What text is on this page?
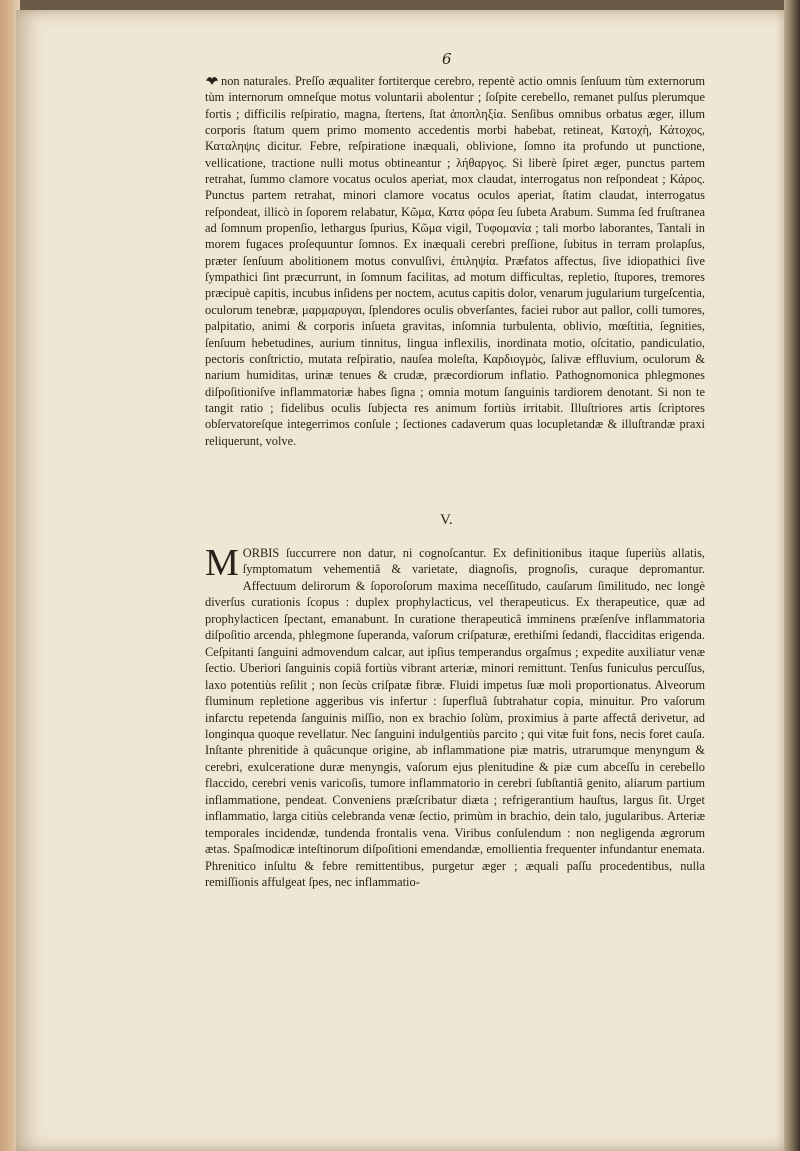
6
non naturales. Preſſo æqualiter fortiterque cerebro, repentè actio omnis ſenſuum tùm externorum tùm internorum omneſque motus voluntarii abolentur ; ſoſpite cerebello, remanet pulſus plerumque fortis ; difficilis reſpiratio, magna, ſtertens, ſtat ἀποπληξία. Senſibus omnibus orbatus æger, illum corporis ſtatum quem primo momento accedentis morbi habebat, retineat, Κατοχὴ, Κάτοχος, Καταληψις dicitur. Febre, reſpiratione inæquali, oblivione, ſomno ita profundo ut punctione, vellicatione, tractione nulli motus obtineantur ; λήθαργος. Si liberè ſpiret æger, punctus partem retrahat, ſummo clamore vocatus oculos aperiat, mox claudat, interrogatus non reſpondeat ; Κάρος. Punctus partem retrahat, minori clamore vocatus oculos aperiat, ſtatim claudat, interrogatus reſpondeat, illicò in ſoporem relabatur, Κῶμα, Κατα φόρα ſeu ſubeta Arabum. Summa ſed fruſtranea ad ſomnum propenſio, lethargus ſpurius, Κῶμα vigil, Τυφομανία ; tali morbo laborantes, Tantali in morem fugaces proſequuntur ſomnos. Ex inæquali cerebri preſſione, ſubitus in terram prolapſus, præter ſenſuum abolitionem motus convulſivi, ἐπιληψία. Præfatos affectus, ſive idiopathici ſive ſympathici ſint præcurrunt, in ſomnum facilitas, ad motum difficultas, repletio, ſtupores, tremores præcipuè capitis, incubus inſidens per noctem, acutus capitis dolor, venarum jugularium turgeſcentia, oculorum tenebræ, μαρμαρυγαι, ſplendores oculis obverſantes, faciei rubor aut pallor, colli tumores, palpitatio, animi & corporis inſueta gravitas, inſomnia turbulenta, oblivio, mœſtitia, ſegnities, ſenſuum hebetudines, aurium tinnitus, lingua inflexilis, inordinata motio, oſcitatio, pandiculatio, pectoris conſtrictio, mutata reſpiratio, nauſea moleſta, Καρδιογμὸς, ſalivæ effluvium, oculorum & narium humiditas, urinæ tenues & crudæ, præcordiorum inflatio. Pathognomonica phlegmones diſpoſitioniſve inflammatoriæ habes ſigna ; omnia motum ſanguinis tardiorem denotant. Si non te tangit ratio ; fidelibus oculis ſubjecta res animum fortiùs irritabit. Illuſtriores artis ſcriptores obſervatoreſque integerrimos conſule ; ſectiones cadaverum quas locupletandæ & illuſtrandæ praxi reliquerunt, volve.
V.
MORBIS ſuccurrere non datur, ni cognoſcantur. Ex definitionibus itaque ſuperiùs allatis, ſymptomatum vehementiâ & varietate, diagnoſis, prognoſis, curaque depromantur. Affectuum delirorum & ſoporoſorum maxima neceſſitudo, cauſarum ſimilitudo, nec longè diverſus curationis ſcopus : duplex prophylacticus, vel therapeuticus. Ex therapeutice, quæ ad prophylacticen ſpectant, emanabunt. In curatione therapeuticâ imminens præſenſve inflammatoria diſpoſitio arcenda, phlegmone ſuperanda, vaſorum criſpaturæ, erethiſmi ſedandi, flacciditas erigenda. Ceſpitanti ſanguini admovendum calcar, aut ipſius temperandus orgaſmus ; expedite auxiliatur venæ ſectio. Uberiori ſanguinis copiâ fortiùs vibrant arteriæ, minori remittunt. Tenſus funiculus percuſſus, laxo potentiùs reſilit ; non ſecùs criſpatæ fibræ. Fluidi impetus ſuæ moli proportionatus. Alveorum fluminum repletione aggeribus vis infertur : ſuperfluâ ſubtrahatur copia, minuitur. Pro vaſorum infarctu repetenda ſanguinis miſſio, non ex brachio ſolùm, proximius à parte affectâ derivetur, ad longinqua quoque revellatur. Nec ſanguini indulgentiùs parcito ; qui vitæ fuit fons, necis foret cauſa. Inſtante phrenitide à quâcunque origine, ab inflammatione piæ matris, utrarumque menyngum & cerebri, exulceratione duræ menyngis, vaſorum ejus plenitudine & piæ cum abceſſu in cerebello flaccido, cerebri venis varicoſis, tumore inflammatorio in cerebri ſubſtantiâ genito, aliarum partium inflammatione, pendeat. Conveniens præſcribatur diæta ; refrigerantium hauſtus, largus ſit. Urget inflammatio, larga citiùs celebranda venæ ſectio, primùm in brachio, dein talo, jugularibus. Arteriæ temporales incidendæ, tundenda frontalis vena. Viribus conſulendum : non negligenda ægrorum ætas. Spaſmodicæ inteſtinorum diſpoſitioni emendandæ, emollientia frequenter infundantur enemata. Phrenitico inſultu & febre remittentibus, purgetur æger ; æquali paſſu procedentibus, nulla remiſſionis affulgeat ſpes, nec inflammatio-
